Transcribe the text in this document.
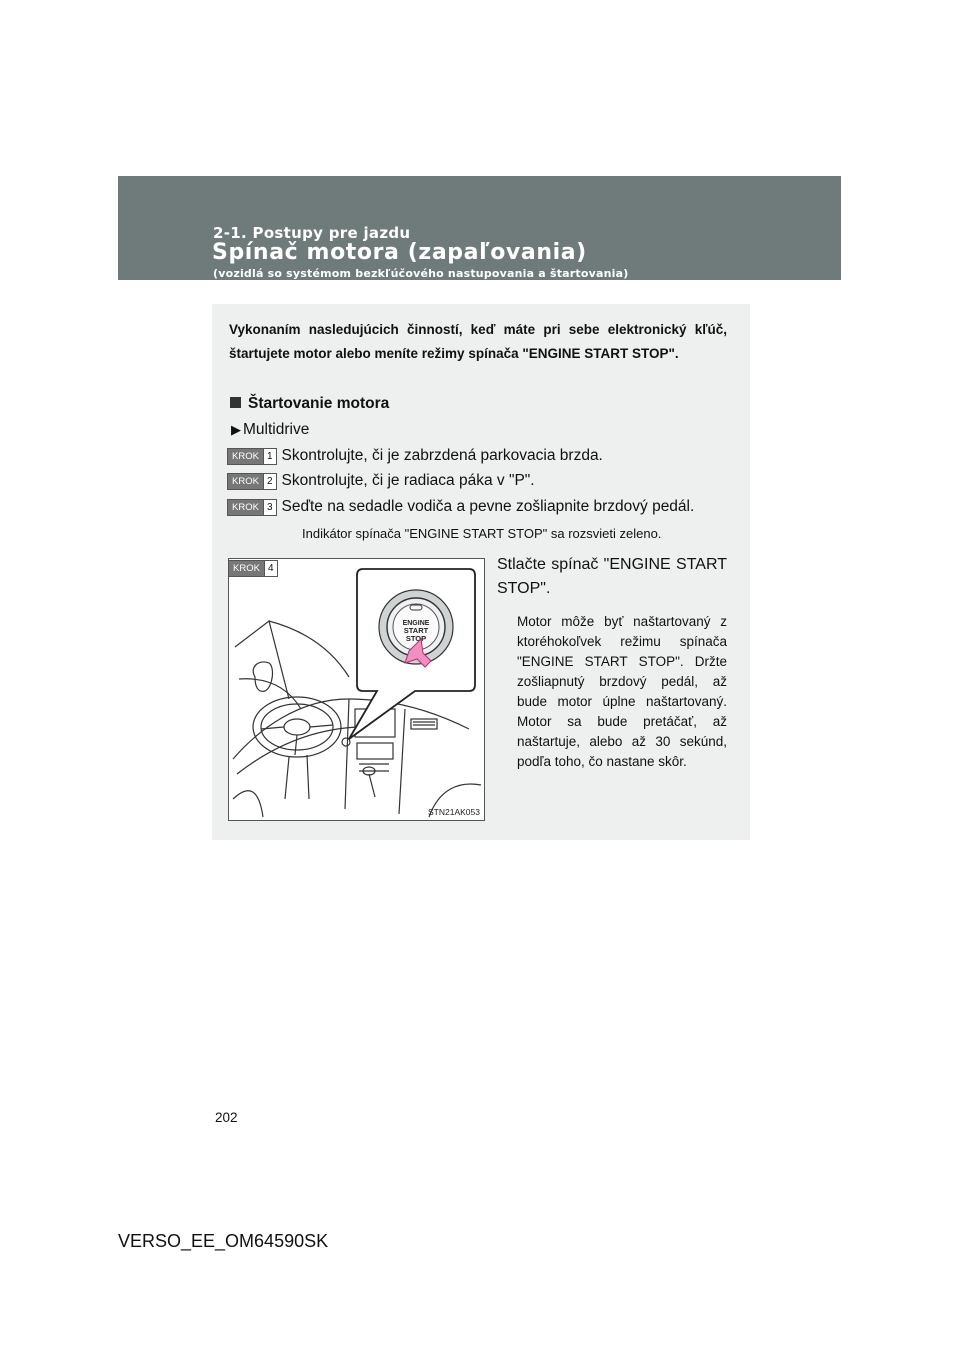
2-1. Postupy pre jazdu
Spínač motora (zapaľovania)
(vozidlá so systémom bezkľúčového nastupovania a štartovania)
Vykonaním nasledujúcich činností, keď máte pri sebe elektronický kľúč, štartujete motor alebo meníte režimy spínača "ENGINE START STOP".
Štartovanie motora
▶ Multidrive
KROK 1 Skontrolujte, či je zabrzdená parkovacia brzda.
KROK 2 Skontrolujte, či je radiaca páka v "P".
KROK 3 Seďte na sedadle vodiča a pevne zošliapnite brzdový pedál.
Indikátor spínača "ENGINE START STOP" sa rozsvieti zeleno.
ENGINE
START
STOP
STN21AK053
KROK 4	Stlačte spínač "ENGINE START STOP".
Motor môže byť naštartovaný z ktoréhokoľvek režimu spínača "ENGINE START STOP". Držte zošliapnutý brzdový pedál, až bude motor úplne naštartovaný. Motor sa bude pretáčať, až naštartuje, alebo až 30 sekúnd, podľa toho, čo nastane skôr.
202
VERSO_EE_OM64590SK
